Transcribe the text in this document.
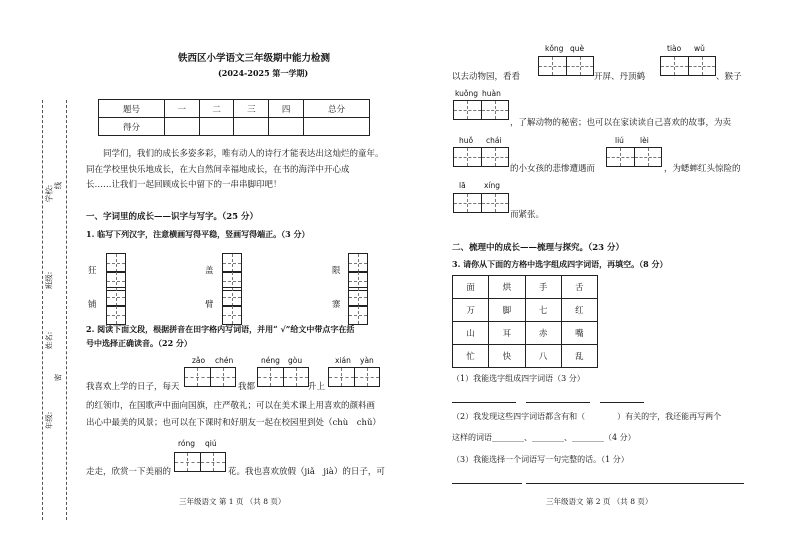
学校: 线
班级:
姓名:
密
年级:
铁西区小学语文三年级期中能力检测
(2024-2025 第一学期)
题号	一	二	三	四	总分
得分					
同学们，我们的成长多姿多彩，唯有动人的诗行才能表达出这灿烂的童年。
同在学校里快乐地成长，在大自然间幸福地成长，在书的海洋中开心成
长……让我们一起回顾成长中留下的一串串脚印吧！
一、字词里的成长——识字与写字。（25 分）
1. 临写下列汉字，注意横画写得平稳，竖画写得端正。（3 分）
狂	盖	限
铺	臂	寨
2. 阅读下面文段，根据拼音在田字格内写词语，并用“ √”给文中带点字在括
号中选择正确读音。（22 分）
zǎo chén	néng gòu	xián yàn
我喜欢上学的日子，每天	我都	升上
的红领巾，在国歌声中面向国旗，庄严敬礼；可以在美术课上用喜欢的颜料画
出心中最美的风景；也可以在下课时和好朋友一起在校园里到处（chù　chǔ）
róng qiú
走走，欣赏一下美丽的	花。我也喜欢放假（jiǎ　jià）的日子，可
三年级语文 第 1 页 （共 8 页）
kǒng què	tiào wǔ
以去动物园，看看	开屏、丹顶鹤	、猴子
kuǒng huàn
，了解动物的秘密；也可以在家读读自己喜欢的故事，为卖
huǒ chái	liú lèi
的小女孩的悲惨遭遇而	，为蟋蟀红头惊险的
lā xíng
而紧张。
二、梳理中的成长——梳理与探究。（23 分）
3. 请你从下面的方格中选字组成四字词语，再填空。（8 分）
面	烘	手	舌
万	脚	七	红
山	耳	赤	嘴
忙	快	八	乱
（1）我能选字组成四字词语（3 分）
（2）我发现这些四字词语都含有和（　　　　）有关的字，我还能再写两个
这样的词语________、________、________（4 分）
（3）我能选择一个词语写一句完整的话。（1 分）
三年级语文 第 2 页 （共 8 页）
